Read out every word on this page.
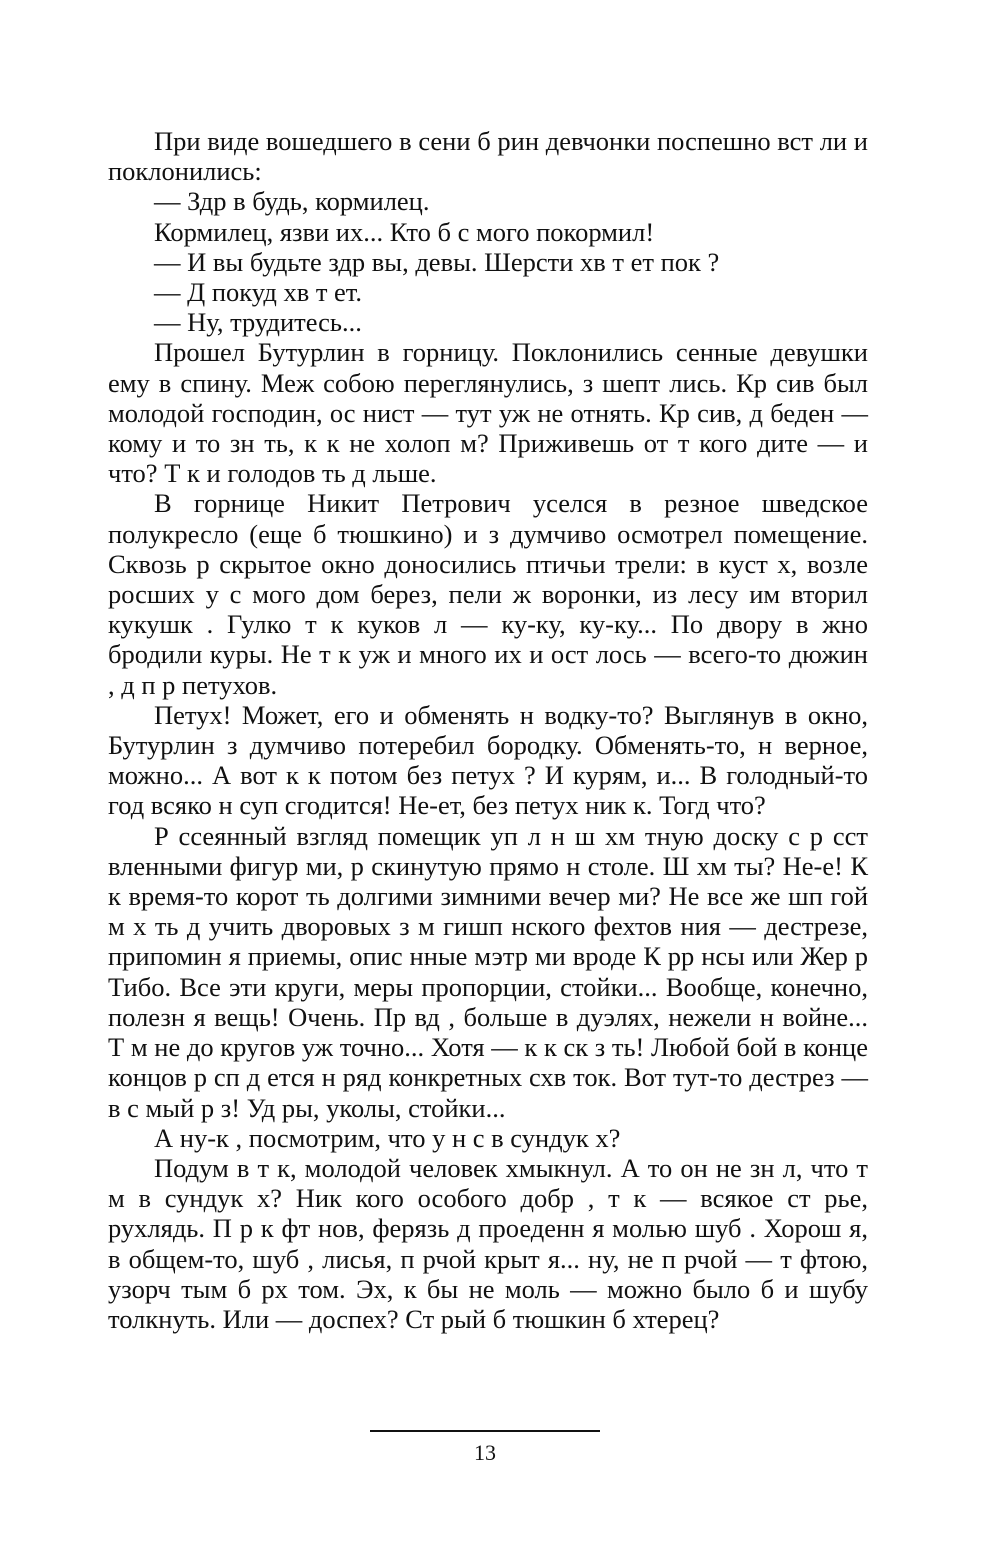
При виде вошедшего в сени б рин девчонки поспешно вст ли и поклонились:

— Здр в будь, кормилец.

Кормилец, язви их... Кто б с мого покормил!

— И вы будьте здр вы, девы. Шерсти хв т ет пок ?

— Д покуд хв т ет.

— Ну, трудитесь...

Прошел Бутурлин в горницу. Поклонились сенные девушки ему в спину. Меж собою переглянулись, з шепт лись. Кр сив был молодой господин, ос нист — тут уж не отнять. Кр сив, д беден — кому и то зн ть, к к не холоп м? Приживешь от т кого дите — и что? Т к и голодов ть д льше.

В горнице Никит Петрович уселся в резное шведское полукресло (еще б тюшкино) и з думчиво осмотрел помещение. Сквозь р скрытое окно доносились птичьи трели: в куст х, возле росших у с мого дом берез, пели ж воронки, из лесу им вторил кукушк . Гулко т к куков л — ку-ку, ку-ку... По двору в жно бродили куры. Не т к уж и много их и ост лось — всего-то дюжин , д п р петухов.

Петух! Может, его и обменять н водку-то? Выглянув в окно, Бутурлин з думчиво потеребил бородку. Обменять-то, н верное, можно... А вот к к потом без петух ? И курям, и... В голодный-то год всяко н суп сгодится! Не-ет, без петух ник к. Тогд что?

Р ссеянный взгляд помещик уп л н ш хм тную доску с р сст вленными фигур ми, р скинутую прямо н столе. Ш хм ты? Не-е! К к время-то корот ть долгими зимними вечер ми? Не все же шп гой м х ть д учить дворовых з м гишп нского фехтов ния — дестрезе, припомин я приемы, опис нные мэтр ми вроде К рр нсы или Жер р Тибо. Все эти круги, меры пропорции, стойки... Вообще, конечно, полезн я вещь! Очень. Пр вд , больше в дуэлях, нежели н войне... Т м не до кругов уж точно... Хотя — к к ск з ть! Любой бой в конце концов р сп д ется н ряд конкретных схв ток. Вот тут-то дестрез — в с мый р з! Уд ры, уколы, стойки...

А ну-к , посмотрим, что у н с в сундук х?

Подум в т к, молодой человек хмыкнул. А то он не зн л, что т м в сундук х? Ник кого особого добр , т к — всякое ст рье, рухлядь. П р к фт нов, ферязь д проеденн я молью шуб . Хорош я, в общем-то, шуб , лисья, п рчой крыт я... ну, не п рчой — т фтою, узорч тым б рх том. Эх, к бы не моль — можно было б и шубу толкнуть. Или — доспех? Ст рый б тюшкин б хтерец?

13
